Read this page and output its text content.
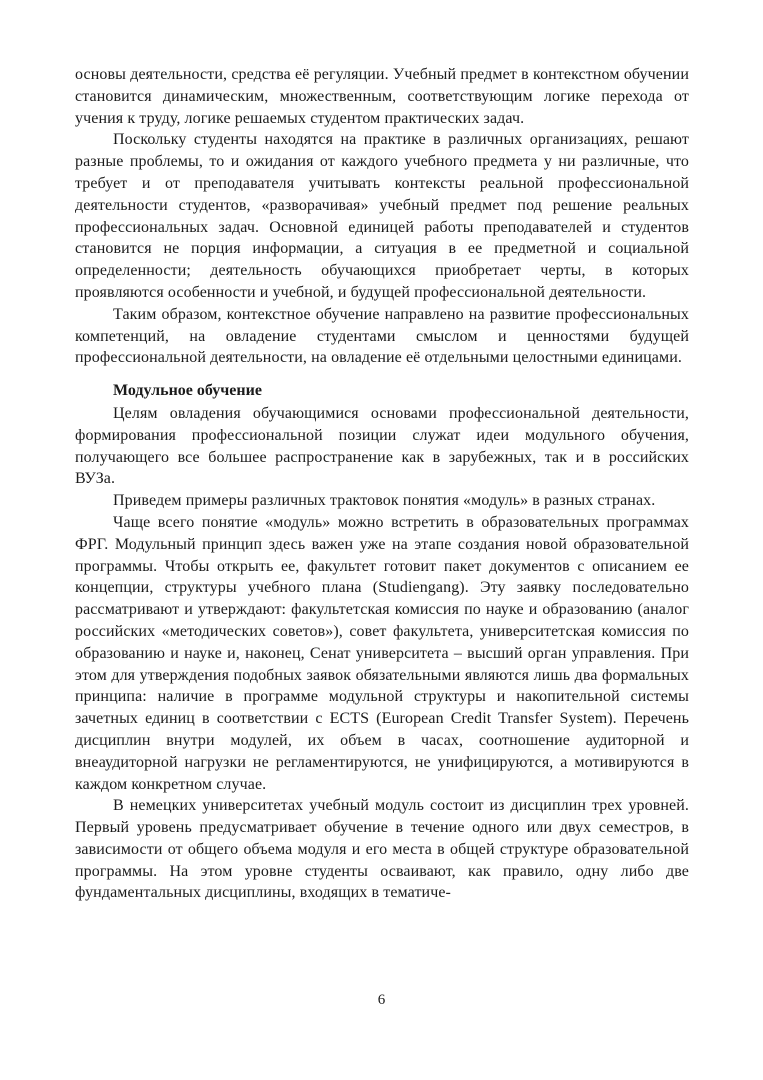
основы деятельности, средства её регуляции. Учебный предмет в контекстном обучении становится динамическим, множественным, соответствующим логике перехода от учения к труду, логике решаемых студентом практических задач.

Поскольку студенты находятся на практике в различных организациях, решают разные проблемы, то и ожидания от каждого учебного предмета у ни различные, что требует и от преподавателя учитывать контексты реальной профессиональной деятельности студентов, «разворачивая» учебный предмет под решение реальных профессиональных задач. Основной единицей работы преподавателей и студентов становится не порция информации, а ситуация в ее предметной и социальной определенности; деятельность обучающихся приобретает черты, в которых проявляются особенности и учебной, и будущей профессиональной деятельности.

Таким образом, контекстное обучение направлено на развитие профессиональных компетенций, на овладение студентами смыслом и ценностями будущей профессиональной деятельности, на овладение её отдельными целостными единицами.

Модульное обучение

Целям овладения обучающимися основами профессиональной деятельности, формирования профессиональной позиции служат идеи модульного обучения, получающего все большее распространение как в зарубежных, так и в российских ВУЗа.

Приведем примеры различных трактовок понятия «модуль» в разных странах.

Чаще всего понятие «модуль» можно встретить в образовательных программах ФРГ. Модульный принцип здесь важен уже на этапе создания новой образовательной программы. Чтобы открыть ее, факультет готовит пакет документов с описанием ее концепции, структуры учебного плана (Studiengang). Эту заявку последовательно рассматривают и утверждают: факультетская комиссия по науке и образованию (аналог российских «методических советов»), совет факультета, университетская комиссия по образованию и науке и, наконец, Сенат университета – высший орган управления. При этом для утверждения подобных заявок обязательными являются лишь два формальных принципа: наличие в программе модульной структуры и накопительной системы зачетных единиц в соответствии с ECTS (European Credit Transfer System). Перечень дисциплин внутри модулей, их объем в часах, соотношение аудиторной и внеаудиторной нагрузки не регламентируются, не унифицируются, а мотивируются в каждом конкретном случае.

В немецких университетах учебный модуль состоит из дисциплин трех уровней. Первый уровень предусматривает обучение в течение одного или двух семестров, в зависимости от общего объема модуля и его места в общей структуре образовательной программы. На этом уровне студенты осваивают, как правило, одну либо две фундаментальных дисциплины, входящих в тематиче-

6
